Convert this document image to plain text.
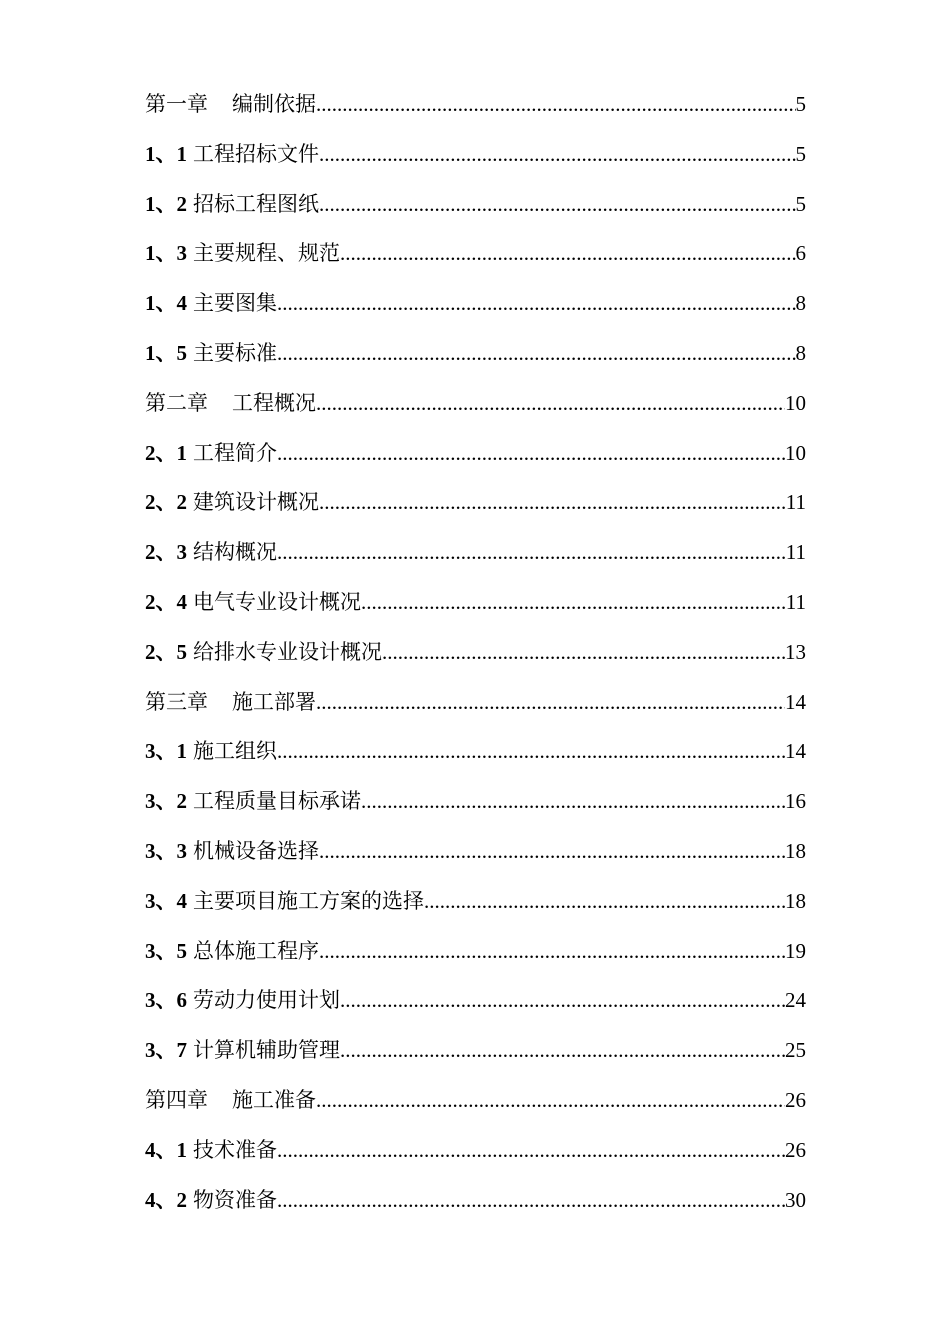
第一章 编制依据 .....	5
1、1 工程招标文件 .....	5
1、2 招标工程图纸 .....	5
1、3 主要规程、规范 .....	6
1、4 主要图集 .....	8
1、5 主要标准 .....	8
第二章 工程概况 .....	10
2、1 工程简介 .....	10
2、2 建筑设计概况 .....	11
2、3 结构概况 .....	11
2、4 电气专业设计概况 .....	11
2、5 给排水专业设计概况 .....	13
第三章 施工部署 .....	14
3、1 施工组织 .....	14
3、2 工程质量目标承诺 .....	16
3、3 机械设备选择 .....	18
3、4 主要项目施工方案的选择 .....	18
3、5 总体施工程序 .....	19
3、6 劳动力使用计划 .....	24
3、7 计算机辅助管理 .....	25
第四章 施工准备 .....	26
4、1 技术准备 .....	26
4、2 物资准备 .....	30
